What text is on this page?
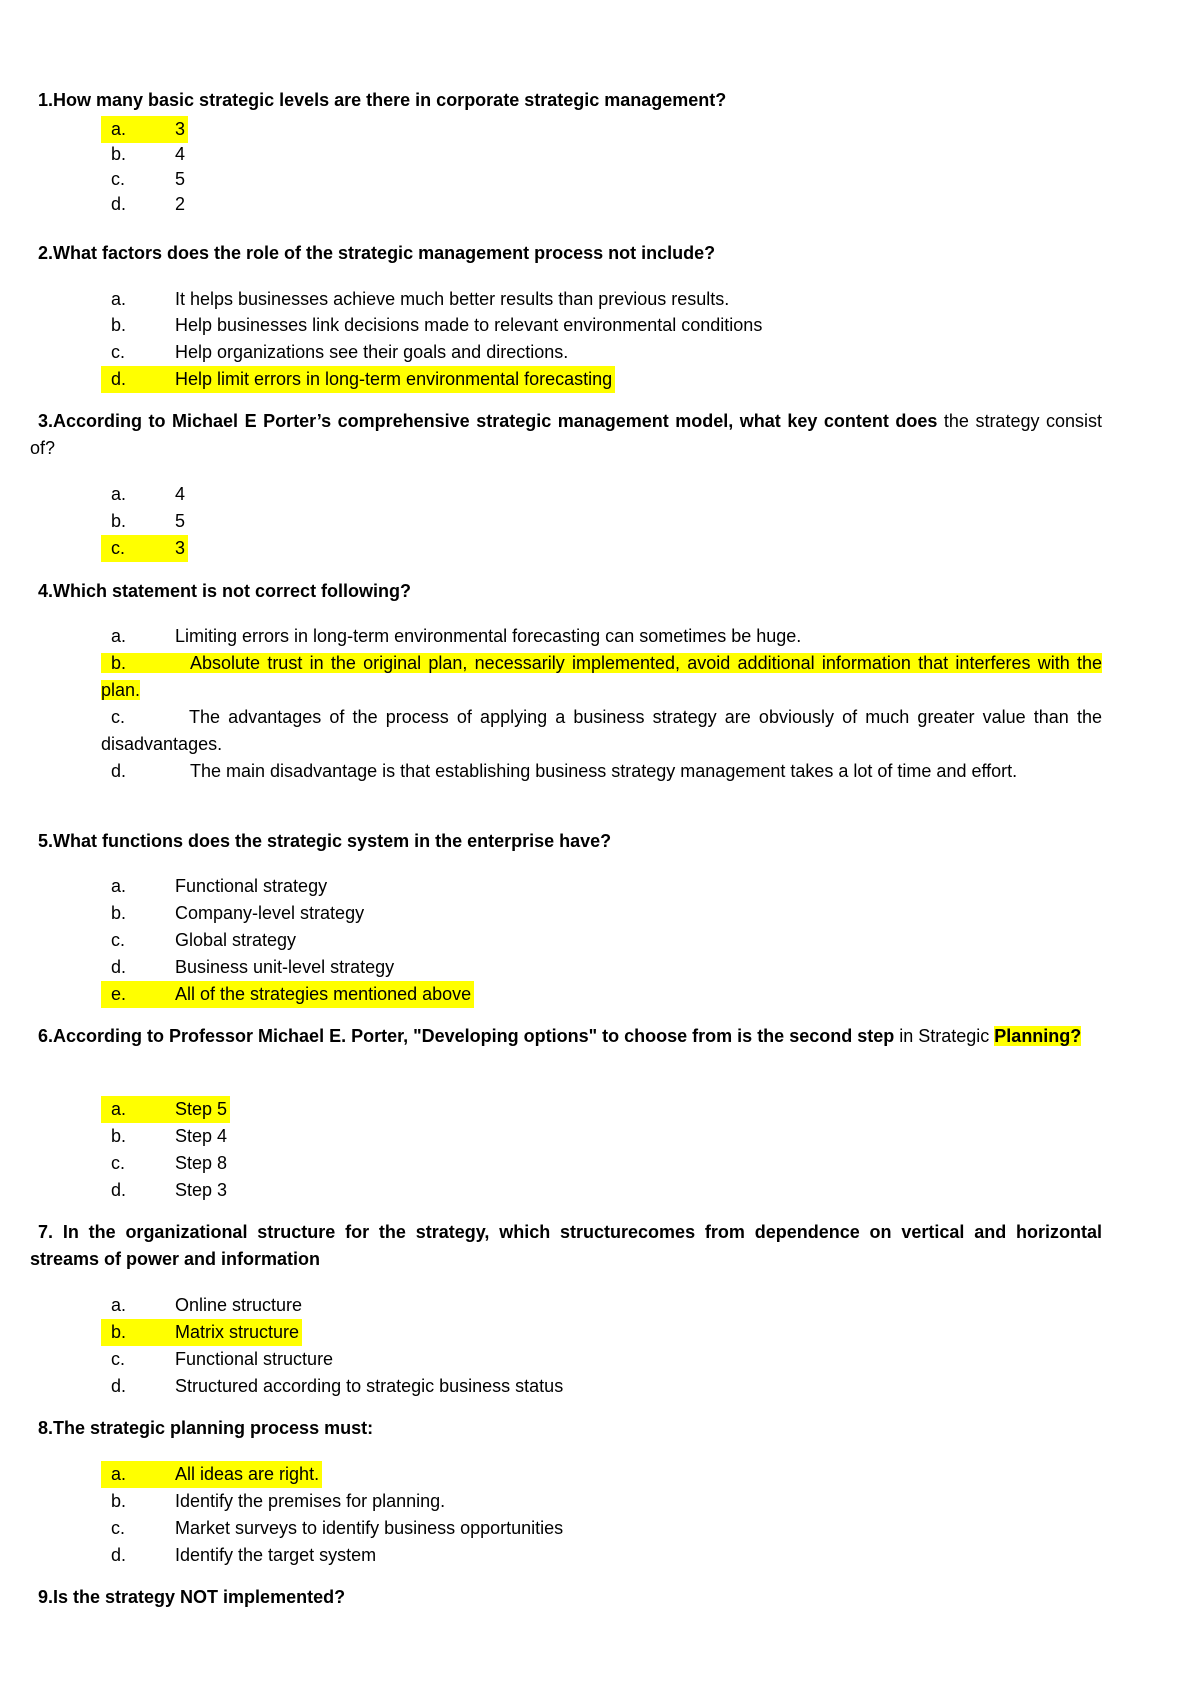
1.How many basic strategic levels are there in corporate strategic management?
a.	3
b.	4
c.	5
d.	2
2.What factors does the role of the strategic management process not include?
a.	It helps businesses achieve much better results than previous results.
b.	Help businesses link decisions made to relevant environmental conditions
c.	Help organizations see their goals and directions.
d.	Help limit errors in long-term environmental forecasting
3.According to Michael E Porter’s comprehensive strategic management model, what key content does the strategy consist of?
a.	4
b.	5
c.	3
4.Which statement is not correct following?
a.	Limiting errors in long-term environmental forecasting can sometimes be huge.
b.	Absolute trust in the original plan, necessarily implemented, avoid additional information that interferes with the plan.
c.	The advantages of the process of applying a business strategy are obviously of much greater value than the disadvantages.
d.	The main disadvantage is that establishing business strategy management takes a lot of time and effort.
5.What functions does the strategic system in the enterprise have?
a.	Functional strategy
b.	Company-level strategy
c.	Global strategy
d.	Business unit-level strategy
e.	All of the strategies mentioned above
6.According to Professor Michael E. Porter, "Developing options" to choose from is the second step in Strategic Planning?
a.	Step 5
b.	Step 4
c.	Step 8
d.	Step 3
7. In the organizational structure for the strategy, which structurecomes from dependence on vertical and horizontal streams of power and information
a.	Online structure
b.	Matrix structure
c.	Functional structure
d.	Structured according to strategic business status
8.The strategic planning process must:
a.	All ideas are right.
b.	Identify the premises for planning.
c.	Market surveys to identify business opportunities
d.	Identify the target system
9.Is the strategy NOT implemented?
